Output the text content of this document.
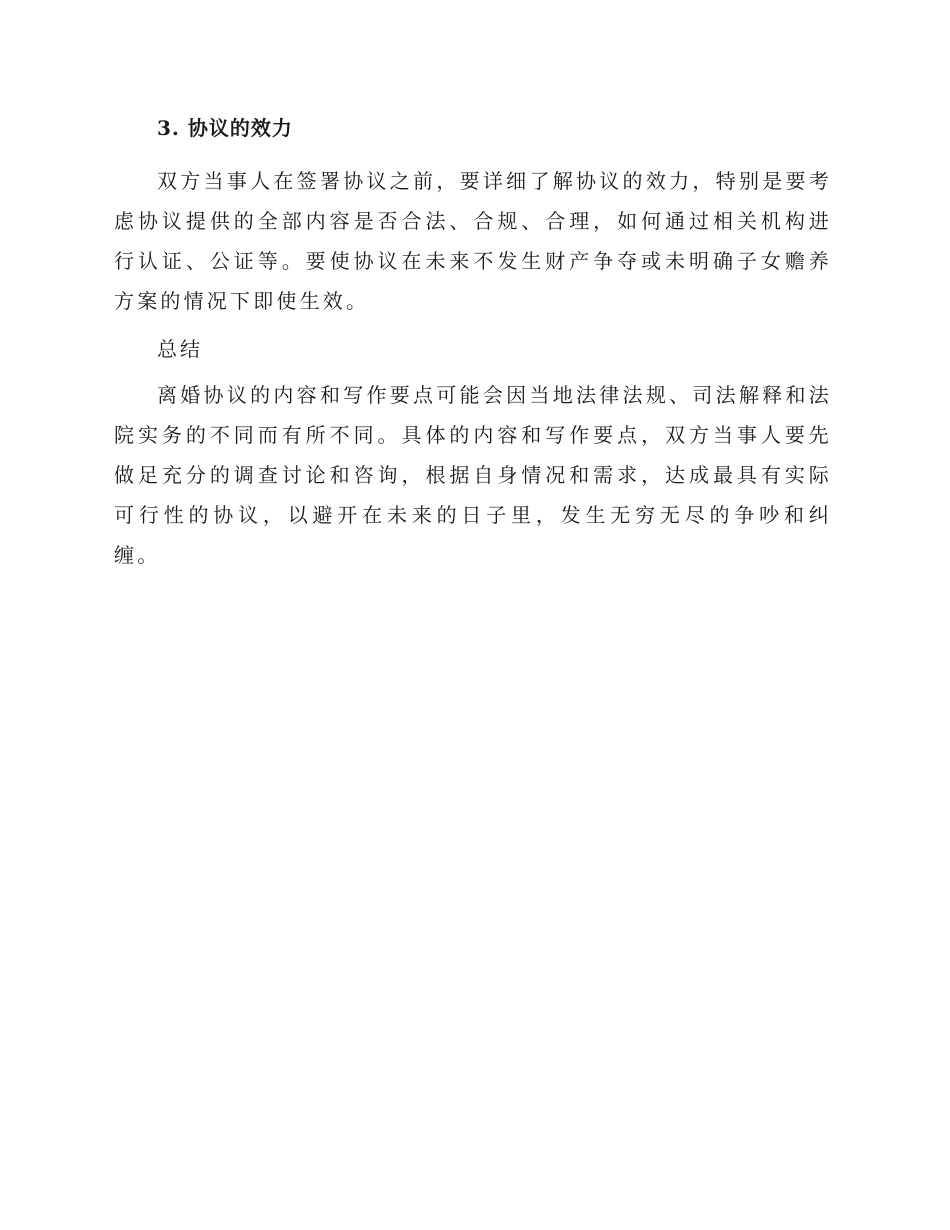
3. 协议的效力

双方当事人在签署协议之前，要详细了解协议的效力，特别是要考虑协议提供的全部内容是否合法、合规、合理，如何通过相关机构进行认证、公证等。要使协议在未来不发生财产争夺或未明确子女赡养方案的情况下即使生效。

总结

离婚协议的内容和写作要点可能会因当地法律法规、司法解释和法院实务的不同而有所不同。具体的内容和写作要点，双方当事人要先做足充分的调查讨论和咨询，根据自身情况和需求，达成最具有实际可行性的协议，以避开在未来的日子里，发生无穷无尽的争吵和纠缠。
